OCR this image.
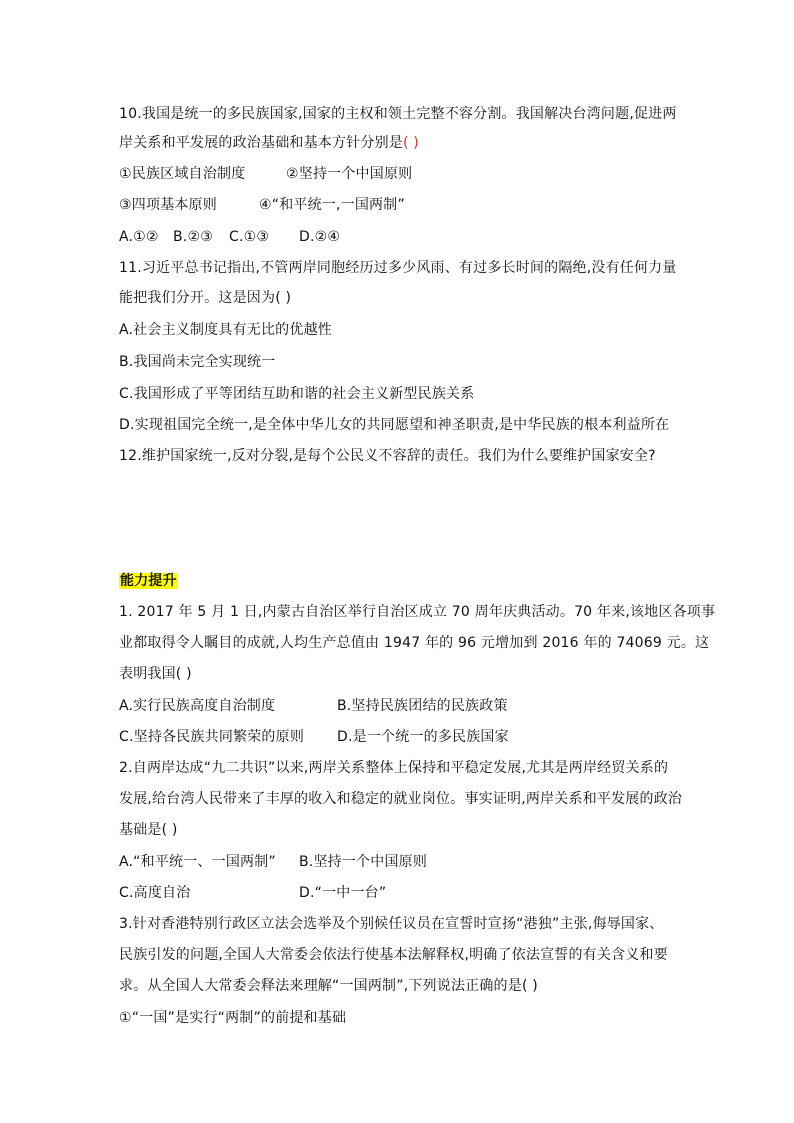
10.我国是统一的多民族国家,国家的主权和领土完整不容分割。我国解决台湾问题,促进两
岸关系和平发展的政治基础和基本方针分别是( )
①民族区域自治制度	②坚持一个中国原则
③四项基本原则	④“和平统一,一国两制”
A.①② B.②③ C.①③ D.②④
11.习近平总书记指出,不管两岸同胞经历过多少风雨、有过多长时间的隔绝,没有任何力量
能把我们分开。这是因为( )
A.社会主义制度具有无比的优越性
B.我国尚未完全实现统一
C.我国形成了平等团结互助和谐的社会主义新型民族关系
D.实现祖国完全统一,是全体中华儿女的共同愿望和神圣职责,是中华民族的根本利益所在
12.维护国家统一,反对分裂,是每个公民义不容辞的责任。我们为什么要维护国家安全?
能力提升
1. 2017 年 5 月 1 日,内蒙古自治区举行自治区成立 70 周年庆典活动。70 年来,该地区各项事
业都取得令人瞩目的成就,人均生产总值由 1947 年的 96 元增加到 2016 年的 74069 元。这
表明我国( )
A.实行民族高度自治制度	B.坚持民族团结的民族政策
C.坚持各民族共同繁荣的原则 D.是一个统一的多民族国家
2.自两岸达成“九二共识”以来,两岸关系整体上保持和平稳定发展,尤其是两岸经贸关系的
发展,给台湾人民带来了丰厚的收入和稳定的就业岗位。事实证明,两岸关系和平发展的政治
基础是( )
A.“和平统一、一国两制” B.坚持一个中国原则
C.高度自治	D.“一中一台”
3.针对香港特别行政区立法会选举及个别候任议员在宣誓时宣扬“港独”主张,侮辱国家、
民族引发的问题,全国人大常委会依法行使基本法解释权,明确了依法宣誓的有关含义和要
求。从全国人大常委会释法来理解“一国两制”,下列说法正确的是( )
①“一国”是实行“两制”的前提和基础
